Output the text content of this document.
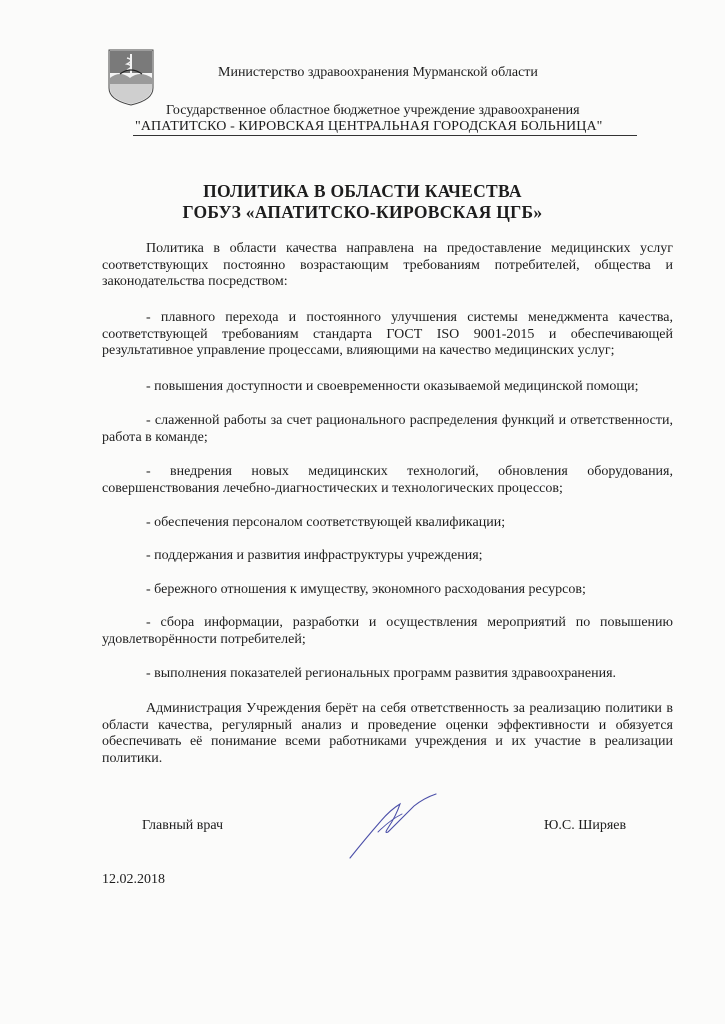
Министерство здравоохранения Мурманской области
Государственное областное бюджетное учреждение здравоохранения
"АПАТИТСКО - КИРОВСКАЯ ЦЕНТРАЛЬНАЯ ГОРОДСКАЯ БОЛЬНИЦА"
ПОЛИТИКА В ОБЛАСТИ КАЧЕСТВА
ГОБУЗ «АПАТИТСКО-КИРОВСКАЯ ЦГБ»
Политика в области качества направлена на предоставление медицинских услуг соответствующих постоянно возрастающим требованиям потребителей, общества и законодательства посредством:
- плавного перехода и постоянного улучшения системы менеджмента качества, соответствующей требованиям стандарта ГОСТ ISO 9001-2015 и обеспечивающей результативное управление процессами, влияющими на качество медицинских услуг;
- повышения доступности и своевременности оказываемой медицинской помощи;
- слаженной работы за счет рационального распределения функций и ответственности, работа в команде;
- внедрения новых медицинских технологий, обновления оборудования, совершенствования лечебно-диагностических и технологических процессов;
- обеспечения персоналом соответствующей квалификации;
- поддержания и развития инфраструктуры учреждения;
- бережного отношения к имуществу, экономного расходования ресурсов;
- сбора информации, разработки и осуществления мероприятий по повышению удовлетворённости потребителей;
- выполнения показателей региональных программ развития здравоохранения.
Администрация Учреждения берёт на себя ответственность за реализацию политики в области качества, регулярный анализ и проведение оценки эффективности и обязуется обеспечивать её понимание всеми работниками учреждения и их участие в реализации политики.
Главный врач	Ю.С. Ширяев
12.02.2018
